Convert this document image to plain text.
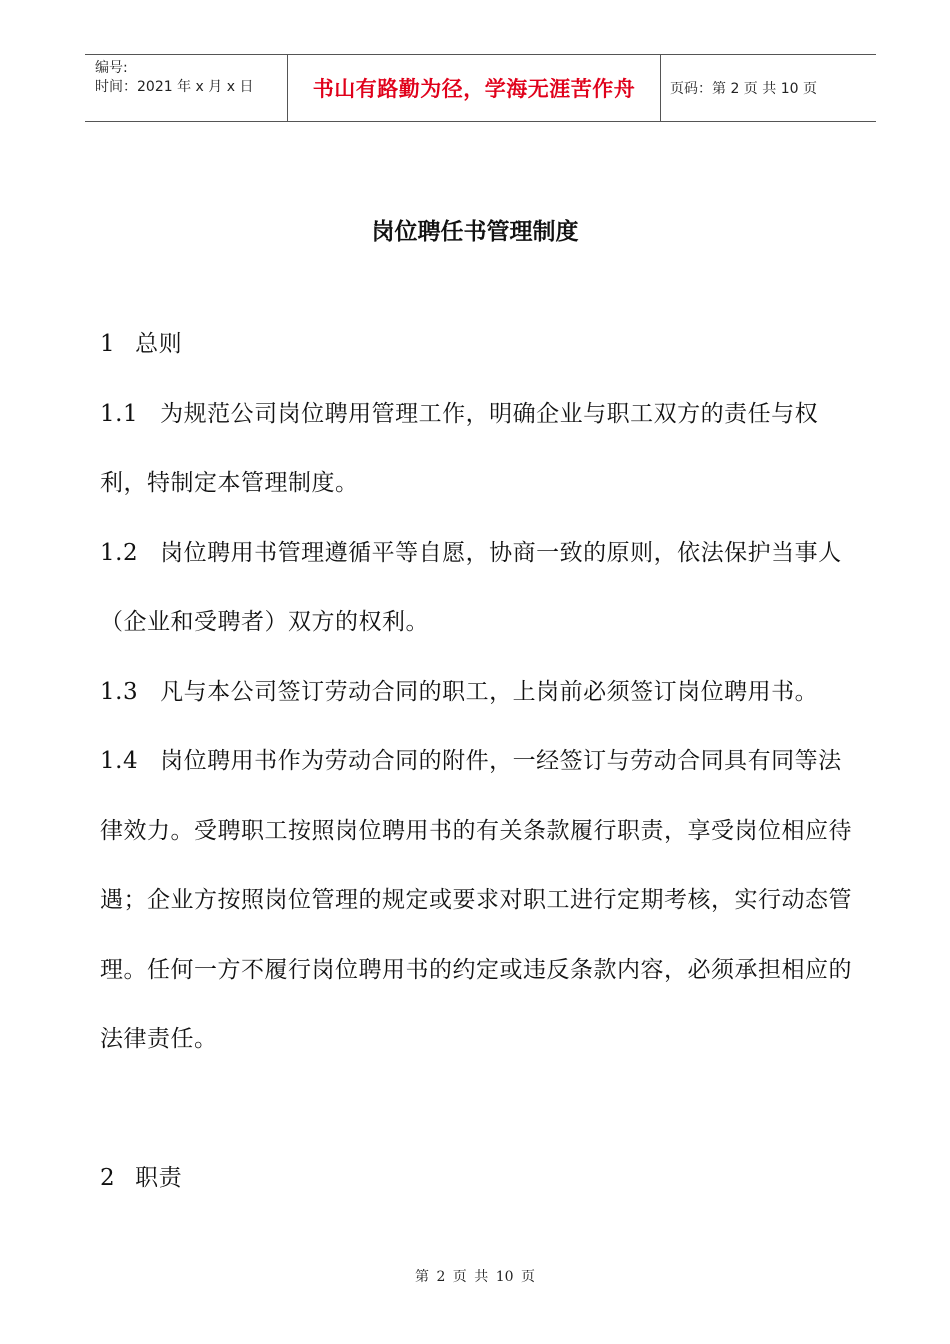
编号:
时间：2021 年 x 月 x 日	书山有路勤为径，学海无涯苦作舟	页码：第 2 页 共 10 页
岗位聘任书管理制度

1 总则

1.1 为规范公司岗位聘用管理工作，明确企业与职工双方的责任与权利，特制定本管理制度。

1.2 岗位聘用书管理遵循平等自愿，协商一致的原则，依法保护当事人（企业和受聘者）双方的权利。

1.3 凡与本公司签订劳动合同的职工，上岗前必须签订岗位聘用书。

1.4 岗位聘用书作为劳动合同的附件，一经签订与劳动合同具有同等法律效力。受聘职工按照岗位聘用书的有关条款履行职责，享受岗位相应待遇；企业方按照岗位管理的规定或要求对职工进行定期考核，实行动态管理。任何一方不履行岗位聘用书的约定或违反条款内容，必须承担相应的法律责任。

2 职责

第 2 页 共 10 页
